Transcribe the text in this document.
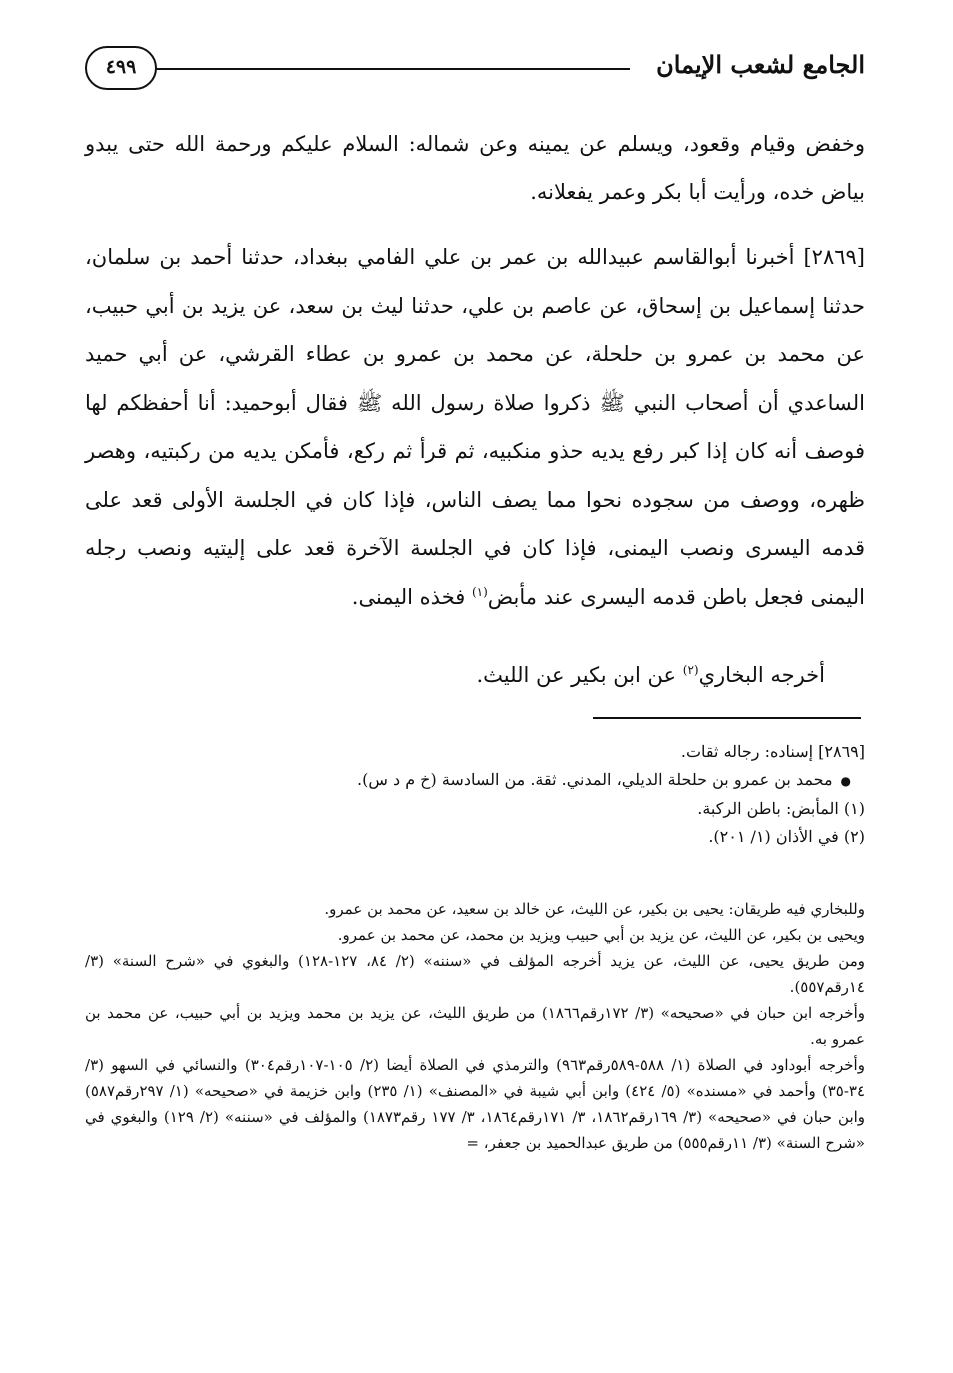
الجامع لشعب الإيمان
٤٩٩

وخفض وقيام وقعود، ويسلم عن يمينه وعن شماله: السلام عليكم ورحمة الله حتى يبدو بياض خده، ورأيت أبا بكر وعمر يفعلانه.

[٢٨٦٩] أخبرنا أبوالقاسم عبيدالله بن عمر بن علي الفامي ببغداد، حدثنا أحمد بن سلمان، حدثنا إسماعيل بن إسحاق، عن عاصم بن علي، حدثنا ليث بن سعد، عن يزيد بن أبي حبيب، عن محمد بن عمرو بن حلحلة، عن محمد بن عمرو بن عطاء القرشي، عن أبي حميد الساعدي أن أصحاب النبي ﷺ ذكروا صلاة رسول الله ﷺ فقال أبوحميد: أنا أحفظكم لها فوصف أنه كان إذا كبر رفع يديه حذو منكبيه، ثم قرأ ثم ركع، فأمكن يديه من ركبتيه، وهصر ظهره، ووصف من سجوده نحوا مما يصف الناس، فإذا كان في الجلسة الأولى قعد على قدمه اليسرى ونصب اليمنى، فإذا كان في الجلسة الآخرة قعد على إليتيه ونصب رجله اليمنى فجعل باطن قدمه اليسرى عند مأبض$^{(١)}$ فخذه اليمنى.

أخرجه البخاري$^{(٢)}$ عن ابن بكير عن الليث.

[٢٨٦٩] إسناده: رجاله ثقات.

●محمد بن عمرو بن حلحلة الديلي، المدني. ثقة. من السادسة (خ م د س).

(١) المأبض: باطن الركبة.

(٢) في الأذان (١/ ٢٠١).

وللبخاري فيه طريقان: يحيى بن بكير، عن الليث، عن خالد بن سعيد، عن محمد بن عمرو.

ويحيى بن بكير، عن الليث، عن يزيد بن أبي حبيب ويزيد بن محمد، عن محمد بن عمرو.

ومن طريق يحيى، عن الليث، عن يزيد أخرجه المؤلف في «سننه» (٢/ ٨٤، ١٢٧-١٢٨) والبغوي في «شرح السنة» (٣/ ١٤رقم٥٥٧).

وأخرجه ابن حبان في «صحيحه» (٣/ ١٧٢رقم١٨٦٦) من طريق الليث، عن يزيد بن محمد ويزيد بن أبي حبيب، عن محمد بن عمرو به.

وأخرجه أبوداود في الصلاة (١/ ٥٨٨-٥٨٩رقم٩٦٣) والترمذي في الصلاة أيضا (٢/ ١٠٥-١٠٧رقم٣٠٤) والنسائي في السهو (٣/ ٣٤-٣٥) وأحمد في «مسنده» (٥/ ٤٢٤) وابن أبي شيبة في «المصنف» (١/ ٢٣٥) وابن خزيمة في «صحيحه» (١/ ٢٩٧رقم٥٨٧) وابن حبان في «صحيحه» (٣/ ١٦٩رقم١٨٦٢، ٣/ ١٧١رقم١٨٦٤، ٣/ ١٧٧ رقم١٨٧٣) والمؤلف في «سننه» (٢/ ١٢٩) والبغوي في «شرح السنة» (٣/ ١١رقم٥٥٥) من طريق عبدالحميد بن جعفر، =
